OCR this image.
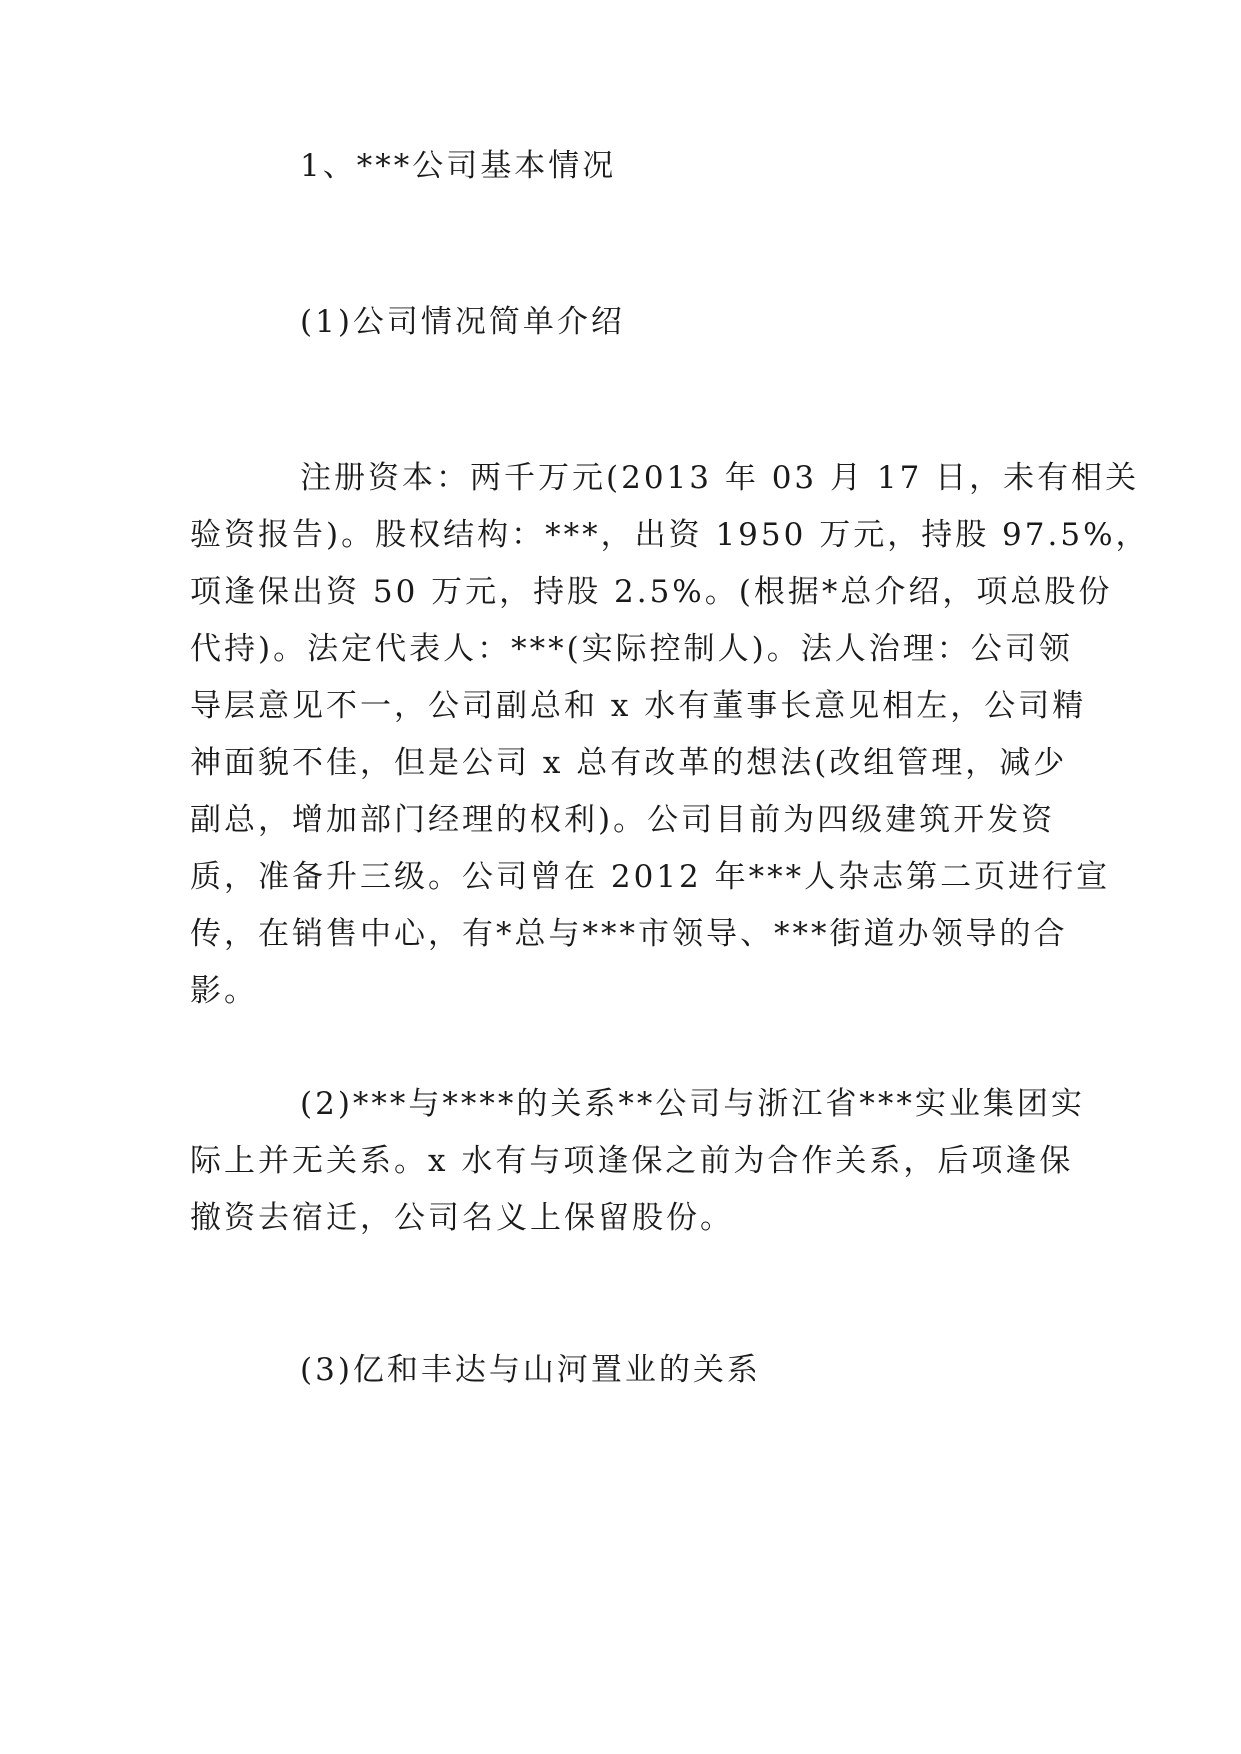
1、***公司基本情况

(1)公司情况简单介绍

注册资本：两千万元(2013 年 03 月 17 日，未有相关
验资报告)。股权结构：***，出资 1950 万元，持股 97.5%，
项逢保出资 50 万元，持股 2.5%。(根据*总介绍，项总股份
代持)。法定代表人：***(实际控制人)。法人治理：公司领
导层意见不一，公司副总和 x 水有董事长意见相左，公司精
神面貌不佳，但是公司 x 总有改革的想法(改组管理，减少
副总，增加部门经理的权利)。公司目前为四级建筑开发资
质，准备升三级。公司曾在 2012 年***人杂志第二页进行宣
传，在销售中心，有*总与***市领导、***街道办领导的合
影。
(2)***与****的关系**公司与浙江省***实业集团实
际上并无关系。x 水有与项逢保之前为合作关系，后项逢保
撤资去宿迁，公司名义上保留股份。

(3)亿和丰达与山河置业的关系
